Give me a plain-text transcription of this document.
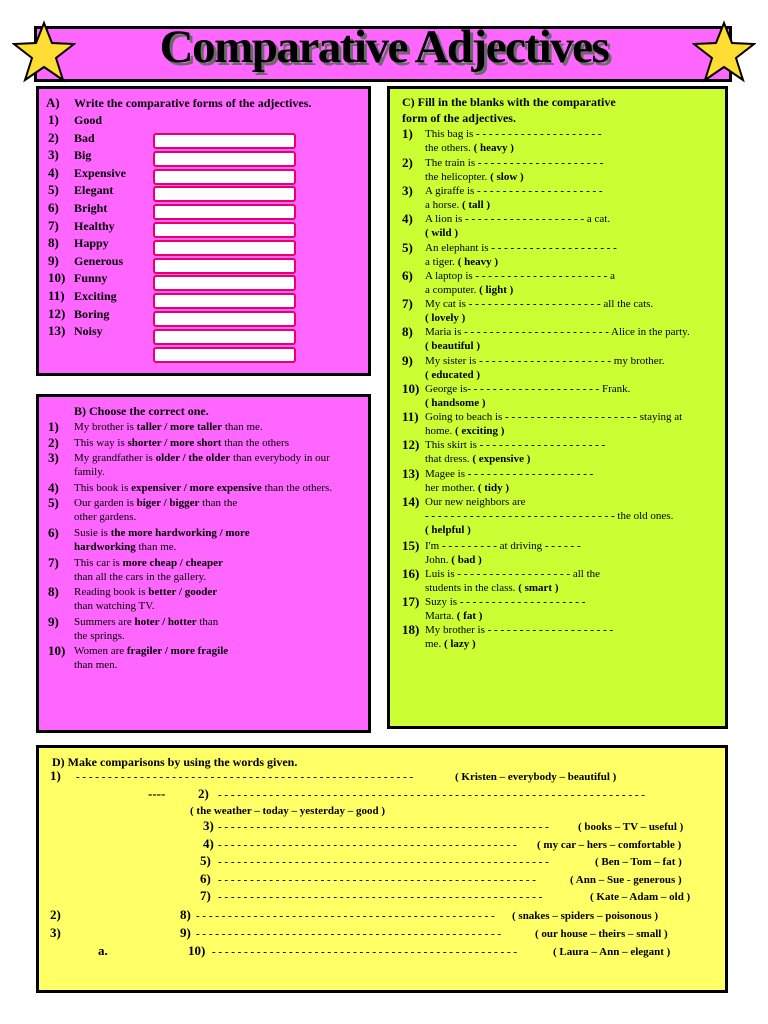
Comparative Adjectives
A) Write the comparative forms of the adjectives.
1) Good
2) Bad
3) Big
4) Expensive
5) Elegant
6) Bright
7) Healthy
8) Happy
9) Generous
10) Funny
11) Exciting
12) Boring
13) Noisy
B) Choose the correct one.
1) My brother is taller / more taller than me.
2) This way is shorter / more short than the others
3) My grandfather is older / the older than everybody in our
family.
4) This book is expensiver / more expensive than the others.
5) Our garden is biger / bigger than the
other gardens.
6) Susie is the more hardworking / more
hardworking than me.
7) This car is more cheap / cheaper
than all the cars in the gallery.
8) Reading book is better / gooder
than watching TV.
9) Summers are hoter / hotter than
the springs.
10) Women are fragiler / more fragile
than men.
C) Fill in the blanks with the comparative
form of the adjectives.
1) This bag is - - - - - - - - - - - - - - - - - - - -
the others. ( heavy )
2) The train is - - - - - - - - - - - - - - - - - - - -
the helicopter. ( slow )
3) A giraffe is - - - - - - - - - - - - - - - - - - - -
a horse. ( tall )
4) A lion is - - - - - - - - - - - - - - - - - - - a cat.
( wild )
5) An elephant is - - - - - - - - - - - - - - - - - - - -
a tiger. ( heavy )
6) A laptop is - - - - - - - - - - - - - - - - - - - - - a
a computer. ( light )
7) My cat is - - - - - - - - - - - - - - - - - - - - - all the cats.
( lovely )
8) Maria is - - - - - - - - - - - - - - - - - - - - - - - Alice in the party.
( beautiful )
9) My sister is - - - - - - - - - - - - - - - - - - - - - my brother.
( educated )
10) George is- - - - - - - - - - - - - - - - - - - - - Frank.
( handsome )
11) Going to beach is - - - - - - - - - - - - - - - - - - - - - staying at
home. ( exciting )
12) This skirt is - - - - - - - - - - - - - - - - - - - -
that dress. ( expensive )
13) Magee is - - - - - - - - - - - - - - - - - - - -
her mother. ( tidy )
14) Our new neighbors are
- - - - - - - - - - - - - - - - - - - - - - - - - - - - - - the old ones.
( helpful )
15) I'm - - - - - - - - - at driving - - - - - -
John. ( bad )
16) Luis is - - - - - - - - - - - - - - - - - - all the
students in the class. ( smart )
17) Suzy is - - - - - - - - - - - - - - - - - - - -
Marta. ( fat )
18) My brother is - - - - - - - - - - - - - - - - - - - -
me. ( lazy )
D) Make comparisons by using the words given.
1) - - - - - - - - - - - - - - - - - - - - - - - - - - - - - - - - - - - - - - - - - - - - - - - - - - - - -	( Kristen – everybody – beautiful )
----	2) - - - - - - - - - - - - - - - - - - - - - - - - - - - - - - - - - - - - - - - - - - - - - - - - - - - - - - - - - - - - - - - - - - -
( the weather – today – yesterday – good )
3) - - - - - - - - - - - - - - - - - - - - - - - - - - - - - - - - - - - - - - - - - - - - - - - - - - - -	( books – TV – useful )
4) - - - - - - - - - - - - - - - - - - - - - - - - - - - - - - - - - - - - - - - - - - - - - - - ( my car – hers – comfortable )
5) - - - - - - - - - - - - - - - - - - - - - - - - - - - - - - - - - - - - - - - - - - - - - - - - - - - -	( Ben – Tom – fat )
6) - - - - - - - - - - - - - - - - - - - - - - - - - - - - - - - - - - - - - - - - - - - - - - - - - -	( Ann – Sue - generous )
7) - - - - - - - - - - - - - - - - - - - - - - - - - - - - - - - - - - - - - - - - - - - - - - - - - - -	( Kate – Adam – old )
2)	8) - - - - - - - - - - - - - - - - - - - - - - - - - - - - - - - - - - - - - - - - - - - - - - - ( snakes – spiders – poisonous )
3)	9) - - - - - - - - - - - - - - - - - - - - - - - - - - - - - - - - - - - - - - - - - - - - - - - -	( our house – theirs – small )
a.	10) - - - - - - - - - - - - - - - - - - - - - - - - - - - - - - - - - - - - - - - - - - - - - - - -	( Laura – Ann – elegant )
